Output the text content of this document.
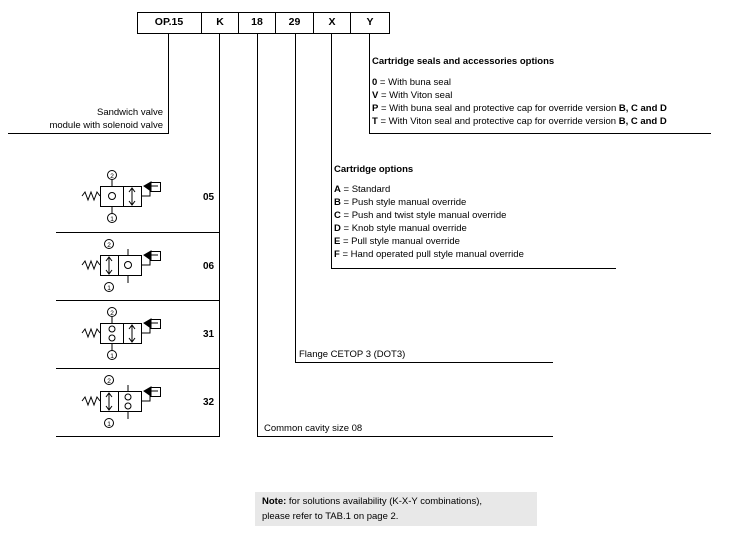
OP.15	K	18	29	X	Y
Sandwich valve
module with solenoid valve
Cartridge seals and accessories options
0 = With buna seal
V = With Viton seal
P = With buna seal and protective cap for override version B, C and D
T = With Viton seal and protective cap for override version B, C and D
Cartridge options
A = Standard
B = Push style manual override
C = Push and twist style manual override
D = Knob style manual override
E = Pull style manual override
F = Hand operated pull style manual override
Flange CETOP 3 (DOT3)
Common cavity size 08
05
06
31
32
2
1
2
1
2
1
2
1
Note: for solutions availability (K-X-Y combinations),
please refer to TAB.1 on page 2.
